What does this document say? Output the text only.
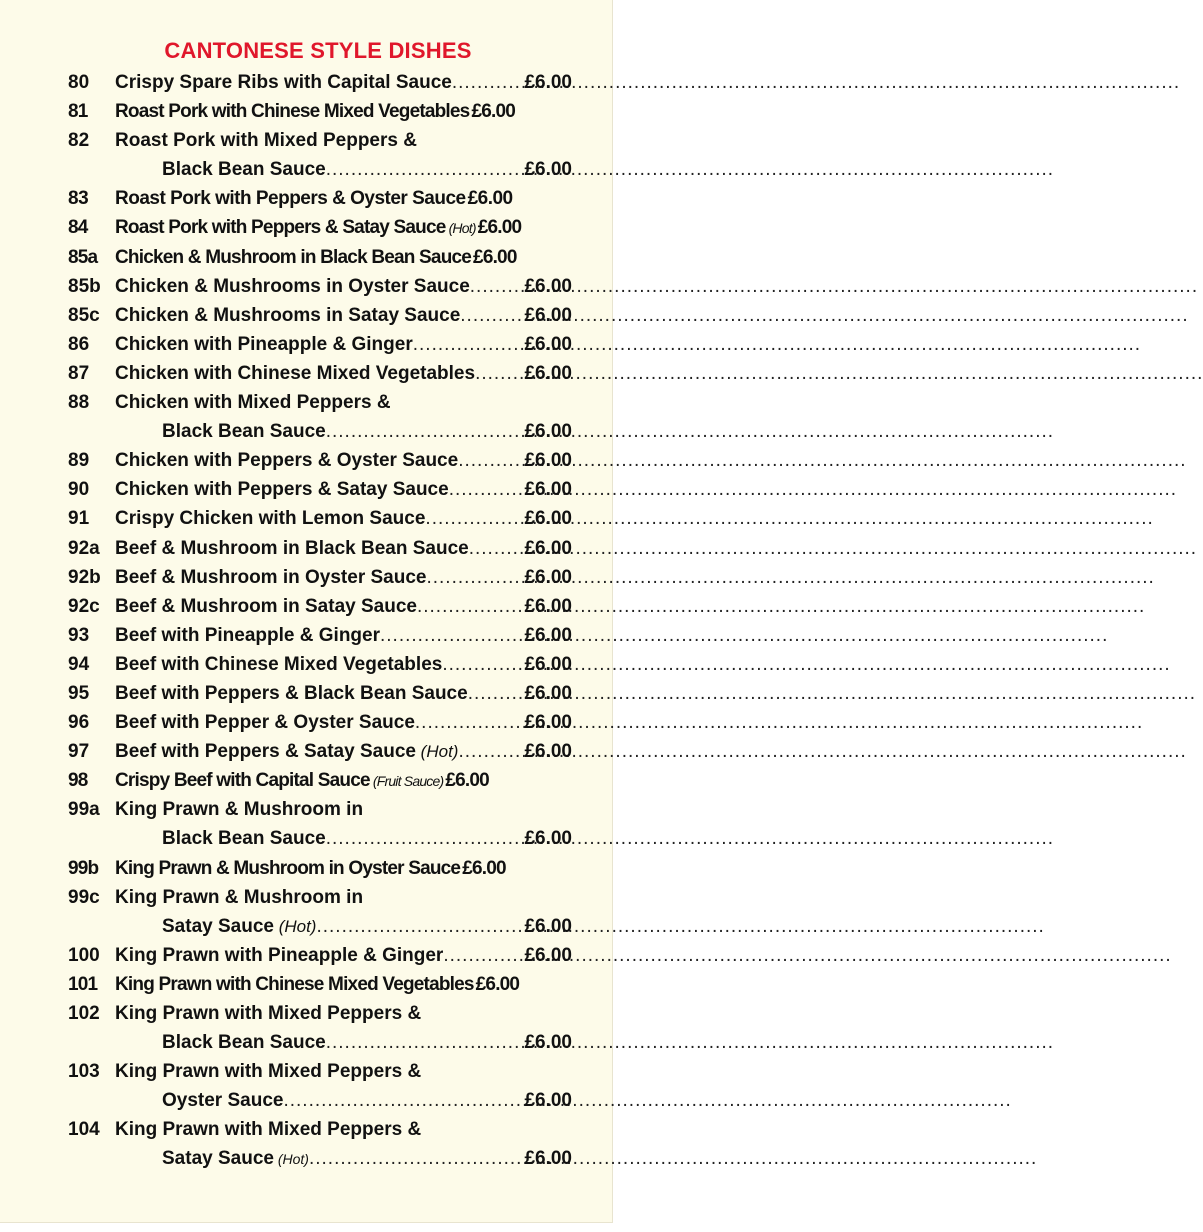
CANTONESE STYLE DISHES
80	Crispy Spare Ribs with Capital Sauce .....	£6.00
81	Roast Pork with Chinese Mixed Vegetables £6.00
82	Roast Pork with Mixed Peppers &
Black Bean Sauce .....	£6.00
83	Roast Pork with Peppers & Oyster Sauce £6.00
84	Roast Pork with Peppers & Satay Sauce (Hot) £6.00
85a Chicken & Mushroom in Black Bean Sauce £6.00
85b Chicken & Mushrooms in Oyster Sauce .....	£6.00
85c Chicken & Mushrooms in Satay Sauce .....	£6.00
86	Chicken with Pineapple & Ginger .....	£6.00
87	Chicken with Chinese Mixed Vegetables .....	£6.00
88	Chicken with Mixed Peppers &
Black Bean Sauce .....	£6.00
89	Chicken with Peppers & Oyster Sauce .....	£6.00
90	Chicken with Peppers & Satay Sauce .....	£6.00
91	Crispy Chicken with Lemon Sauce .....	£6.00
92a Beef & Mushroom in Black Bean Sauce .....	£6.00
92b Beef & Mushroom in Oyster Sauce .....	£6.00
92c Beef & Mushroom in Satay Sauce .....	£6.00
93	Beef with Pineapple & Ginger .....	£6.00
94	Beef with Chinese Mixed Vegetables .....	£6.00
95	Beef with Peppers & Black Bean Sauce .....	£6.00
96	Beef with Pepper & Oyster Sauce .....	£6.00
97	Beef with Peppers & Satay Sauce (Hot) .....	£6.00
98	Crispy Beef with Capital Sauce (Fruit Sauce) £6.00
99a King Prawn & Mushroom in
Black Bean Sauce .....	£6.00
99b King Prawn & Mushroom in Oyster Sauce £6.00
99c King Prawn & Mushroom in
Satay Sauce (Hot) .....	£6.00
100 King Prawn with Pineapple & Ginger .....	£6.00
101 King Prawn with Chinese Mixed Vegetables £6.00
102 King Prawn with Mixed Peppers &
Black Bean Sauce .....	£6.00
103 King Prawn with Mixed Peppers &
Oyster Sauce .....	£6.00
104 King Prawn with Mixed Peppers &
Satay Sauce (Hot) .....	£6.00
